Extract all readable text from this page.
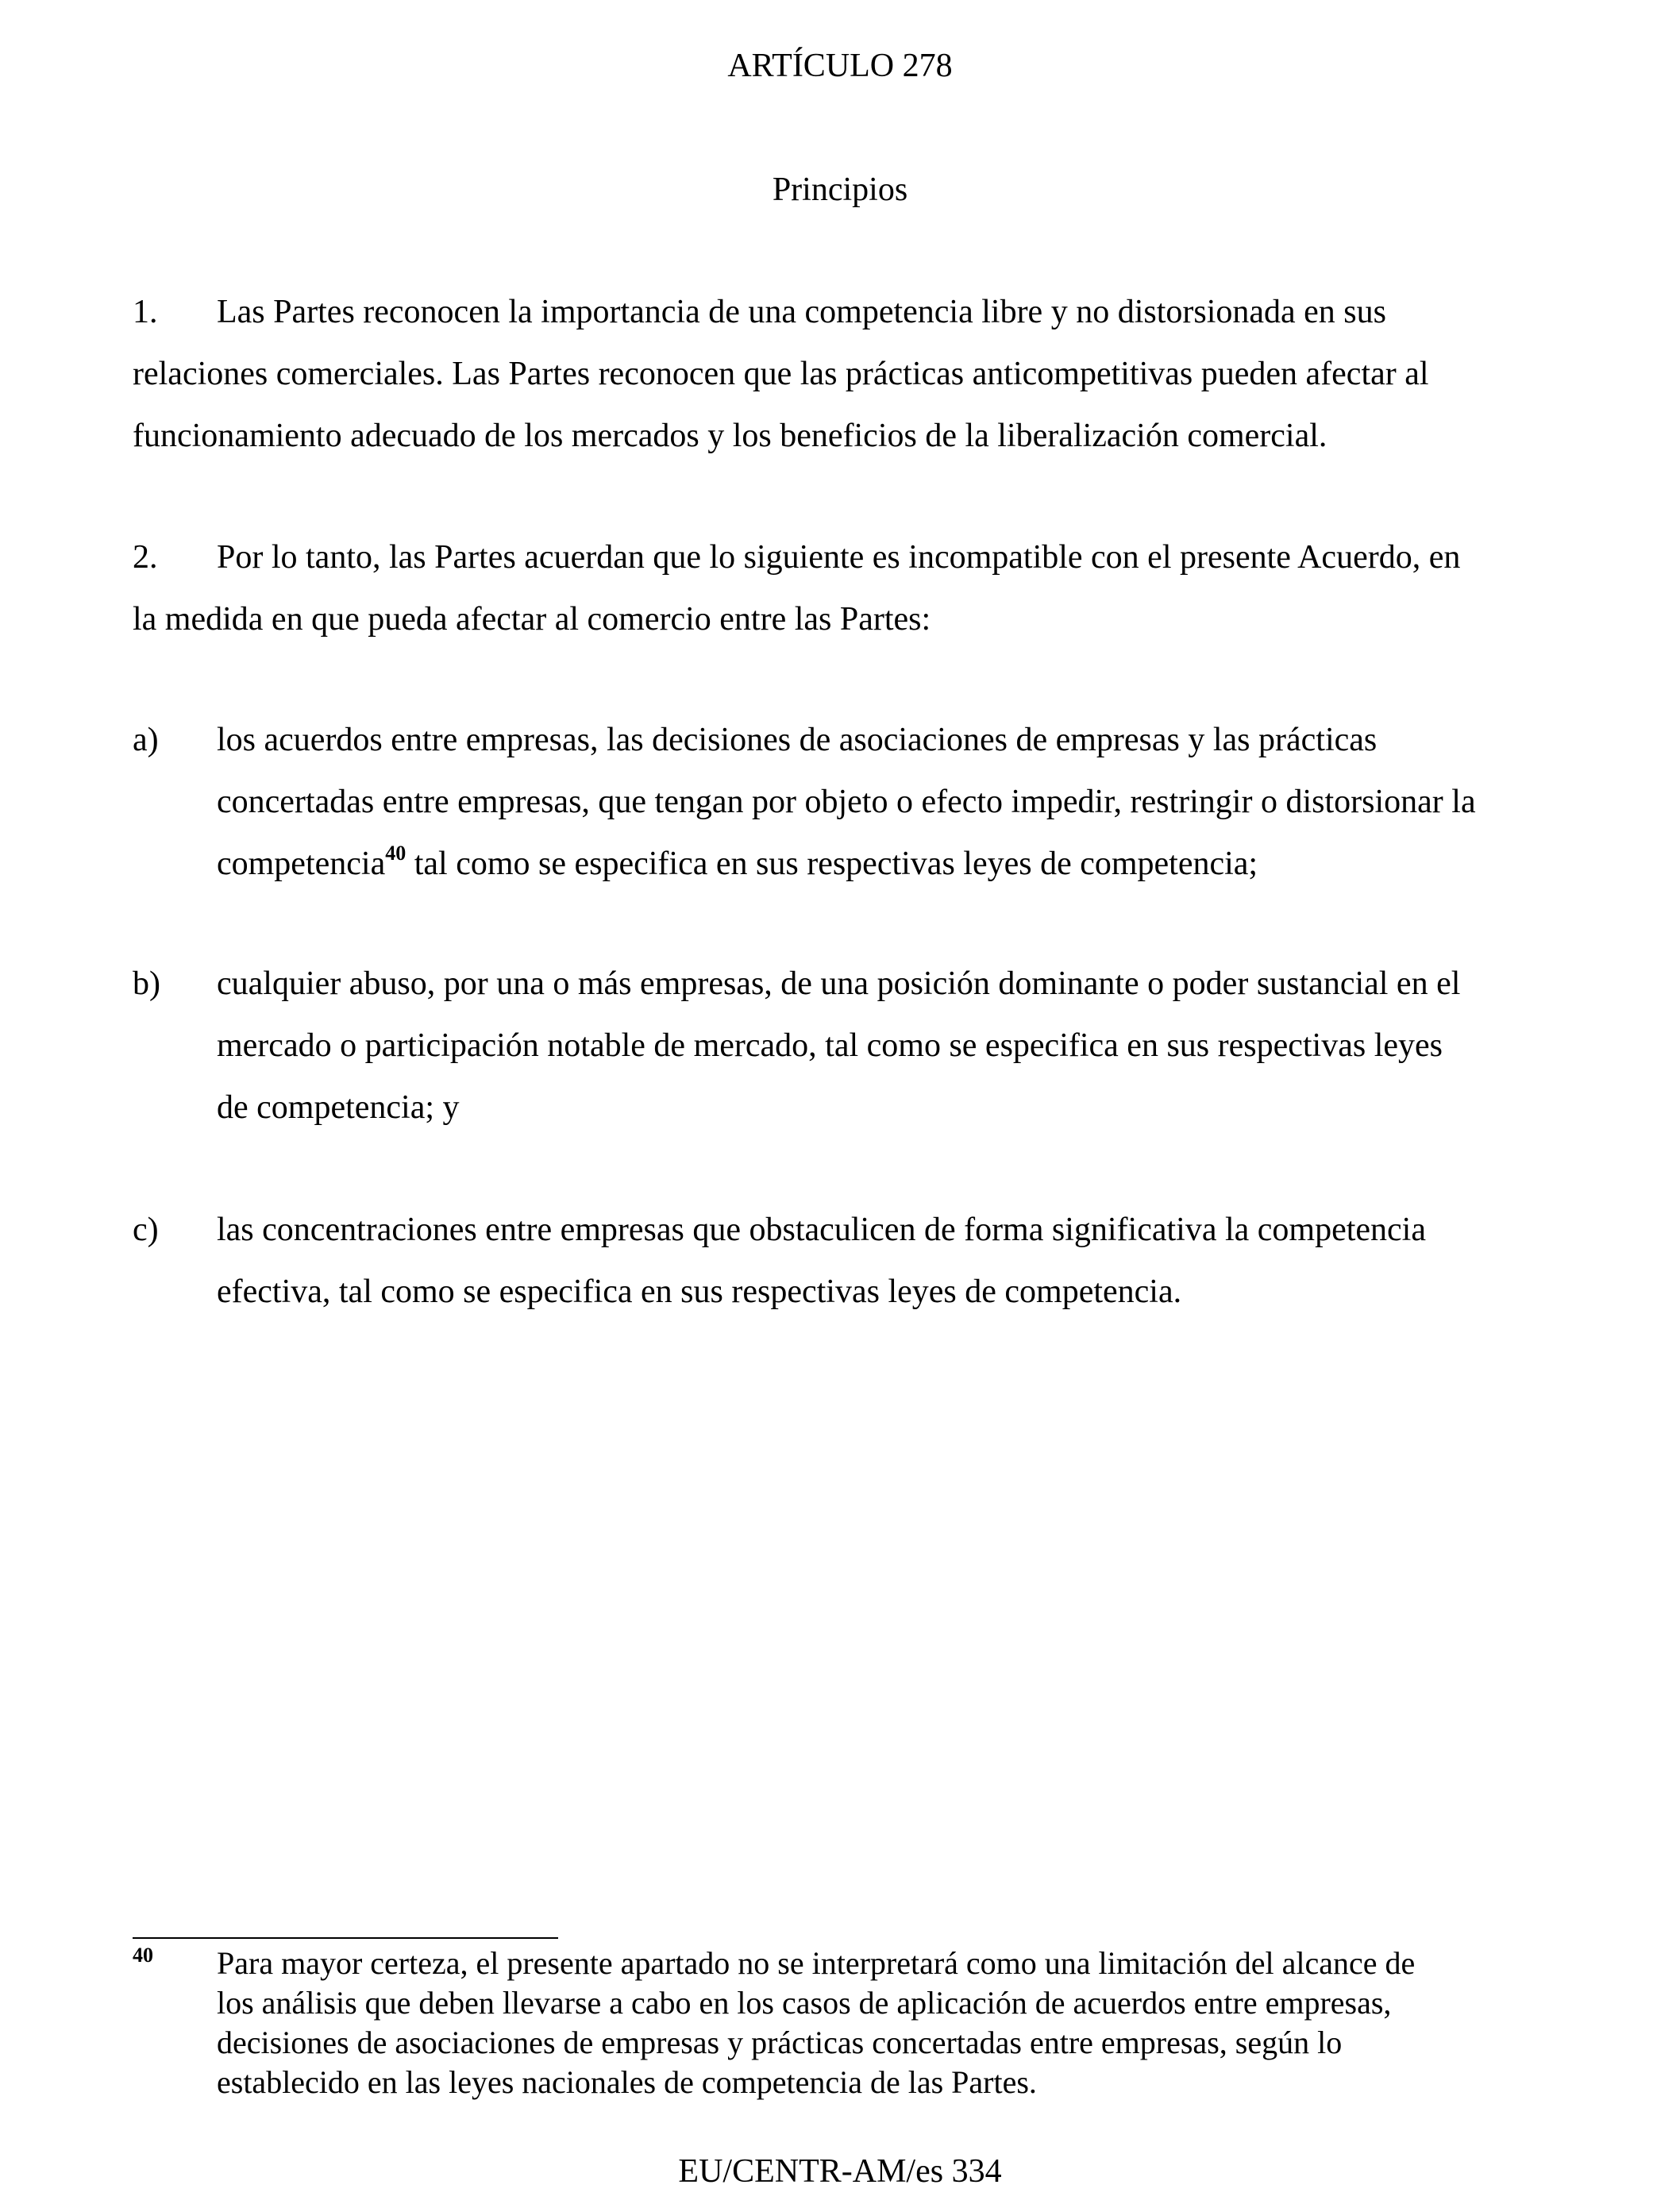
ARTÍCULO 278
Principios
1. Las Partes reconocen la importancia de una competencia libre y no distorsionada en sus
relaciones comerciales. Las Partes reconocen que las prácticas anticompetitivas pueden afectar al
funcionamiento adecuado de los mercados y los beneficios de la liberalización comercial.
2. Por lo tanto, las Partes acuerdan que lo siguiente es incompatible con el presente Acuerdo, en
la medida en que pueda afectar al comercio entre las Partes:
a) los acuerdos entre empresas, las decisiones de asociaciones de empresas y las prácticas
concertadas entre empresas, que tengan por objeto o efecto impedir, restringir o distorsionar la
competencia$^{40}$ tal como se especifica en sus respectivas leyes de competencia;
b) cualquier abuso, por una o más empresas, de una posición dominante o poder sustancial en el
mercado o participación notable de mercado, tal como se especifica en sus respectivas leyes
de competencia; y
c) las concentraciones entre empresas que obstaculicen de forma significativa la competencia
efectiva, tal como se especifica en sus respectivas leyes de competencia.
40 Para mayor certeza, el presente apartado no se interpretará como una limitación del alcance de
los análisis que deben llevarse a cabo en los casos de aplicación de acuerdos entre empresas,
decisiones de asociaciones de empresas y prácticas concertadas entre empresas, según lo
establecido en las leyes nacionales de competencia de las Partes.
EU/CENTR-AM/es 334
